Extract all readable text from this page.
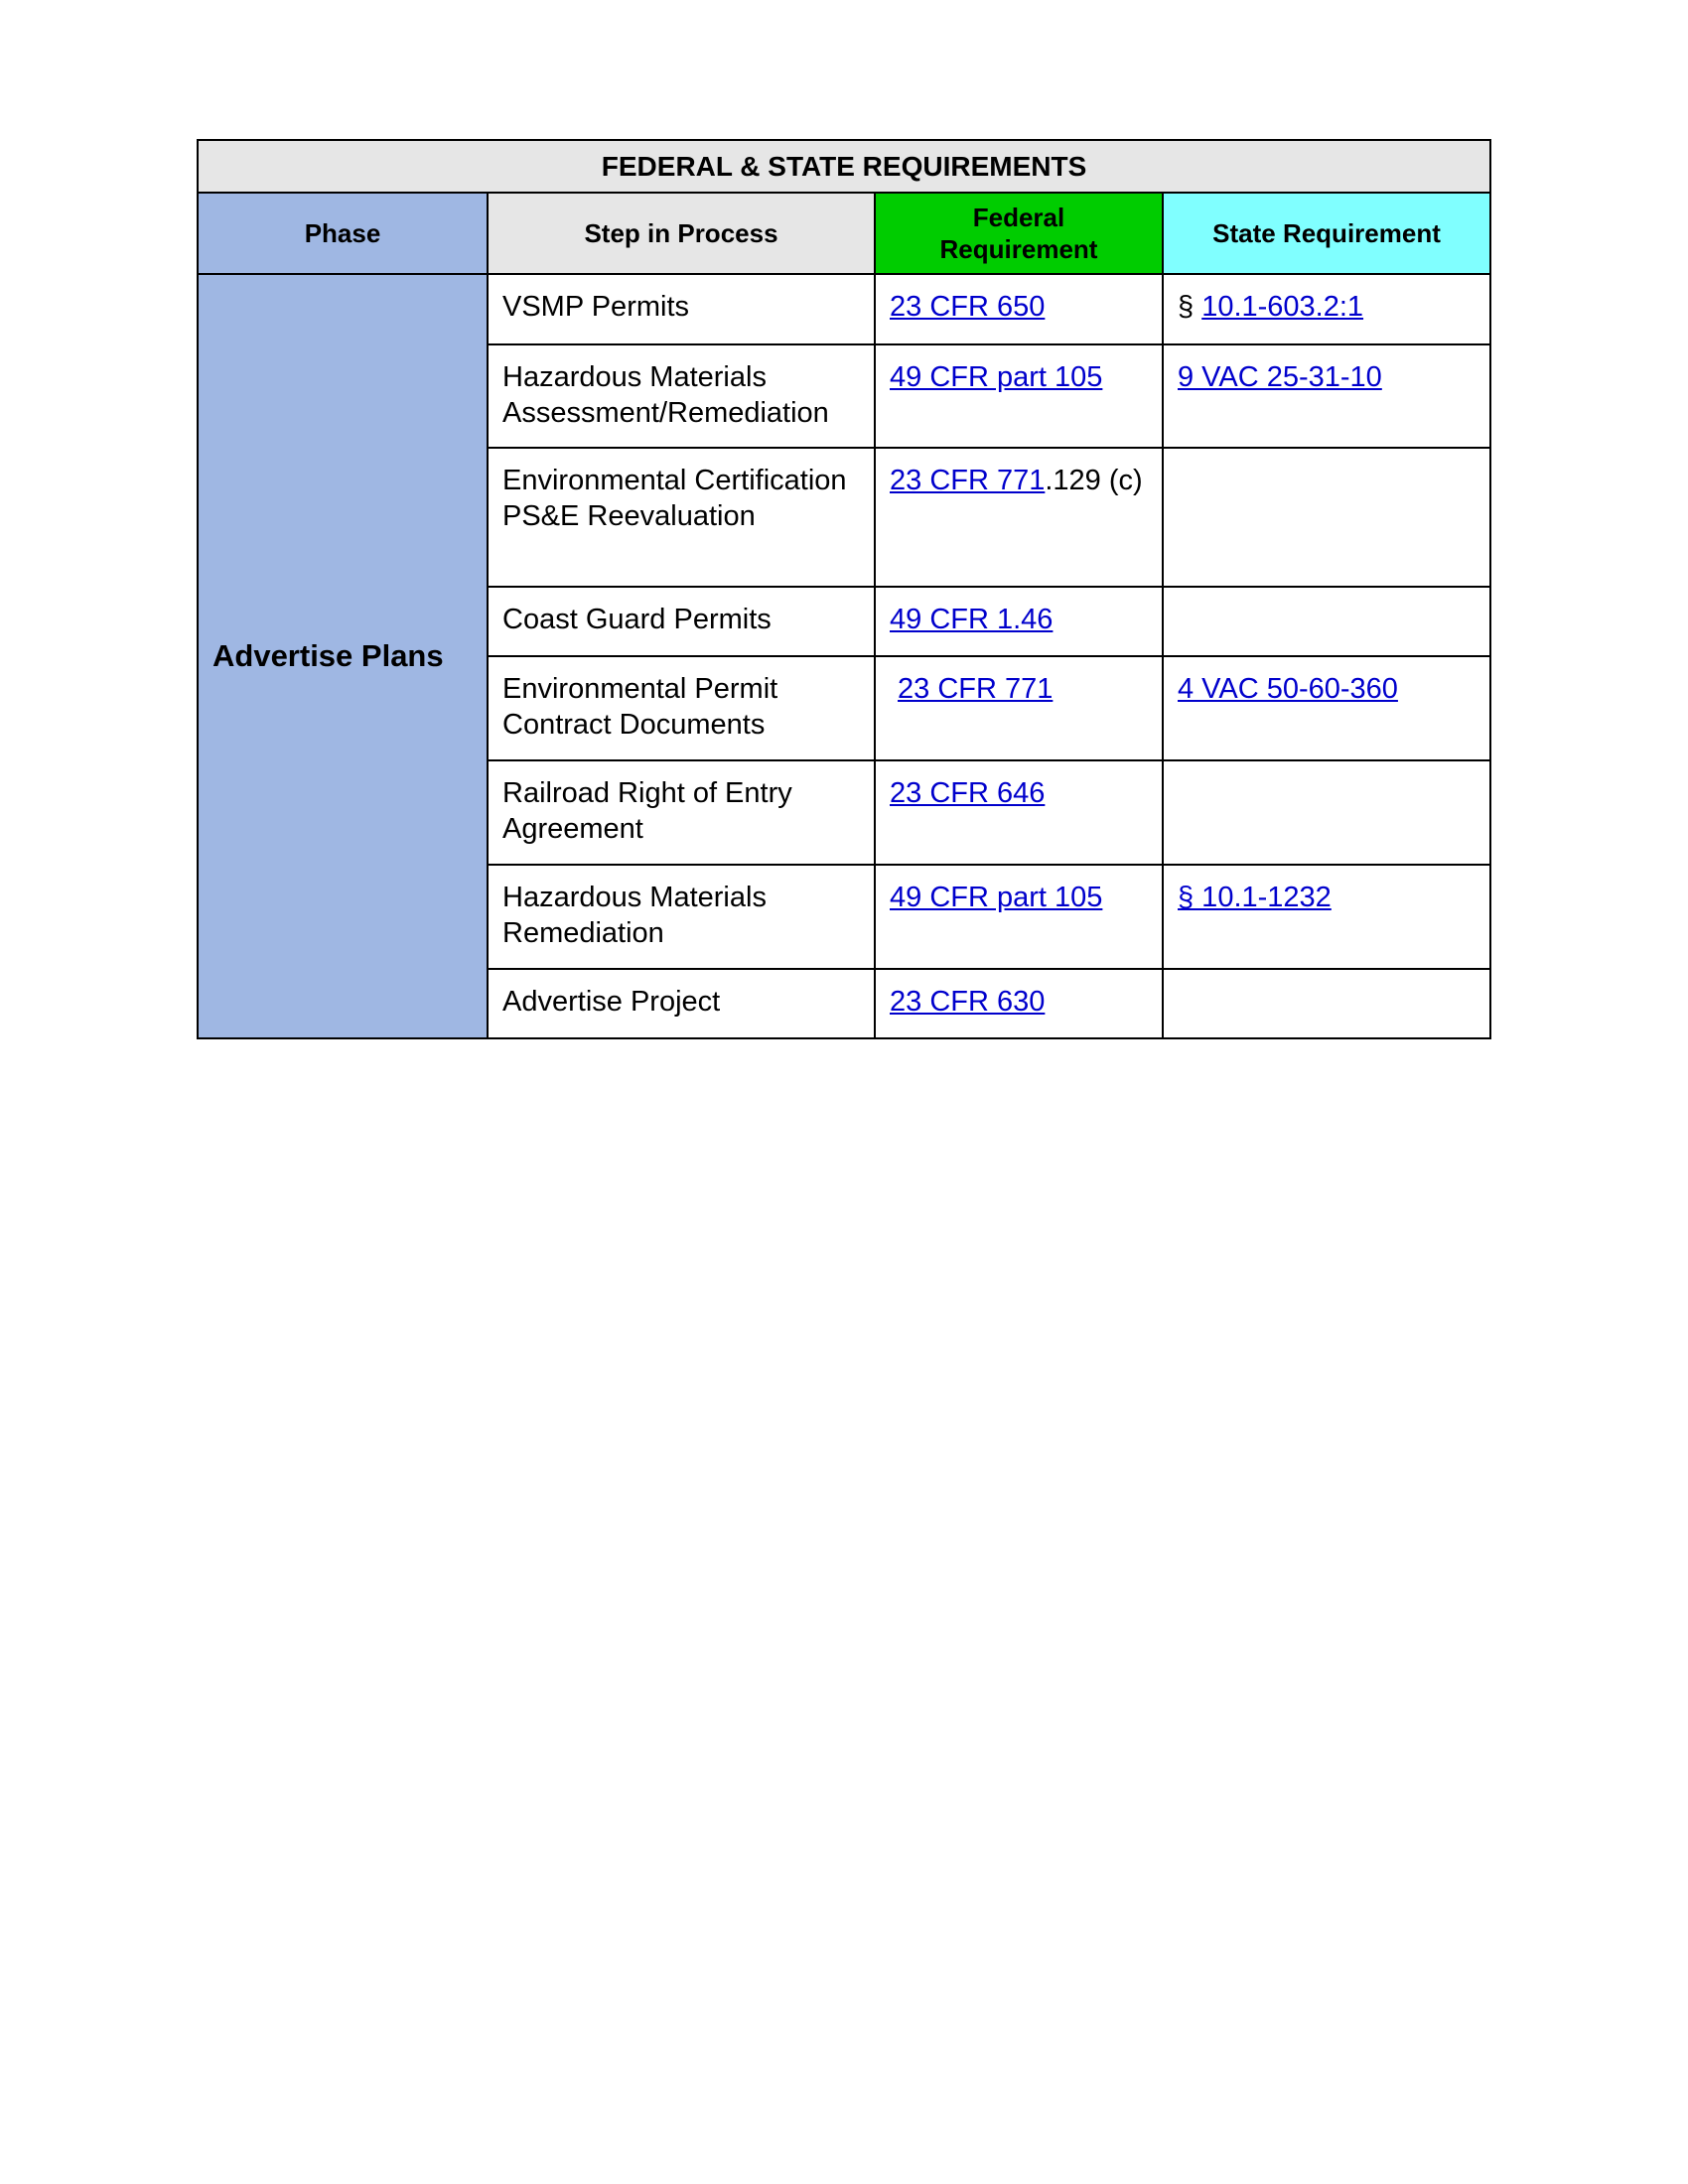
FEDERAL & STATE REQUIREMENTS			
Phase	Step in Process	Federal Requirement	State Requirement
Advertise Plans	VSMP Permits	23 CFR 650	§ 10.1-603.2:1
	Hazardous Materials Assessment/Remediation	49 CFR part 105	9 VAC 25-31-10
	Environmental Certification PS&E Reevaluation	23 CFR 771.129 (c)	
	Coast Guard Permits	49 CFR 1.46	
	Environmental Permit Contract Documents	23 CFR 771	4 VAC 50-60-360
	Railroad Right of Entry Agreement	23 CFR 646	
	Hazardous Materials Remediation	49 CFR part 105	§ 10.1-1232
	Advertise Project	23 CFR 630	
